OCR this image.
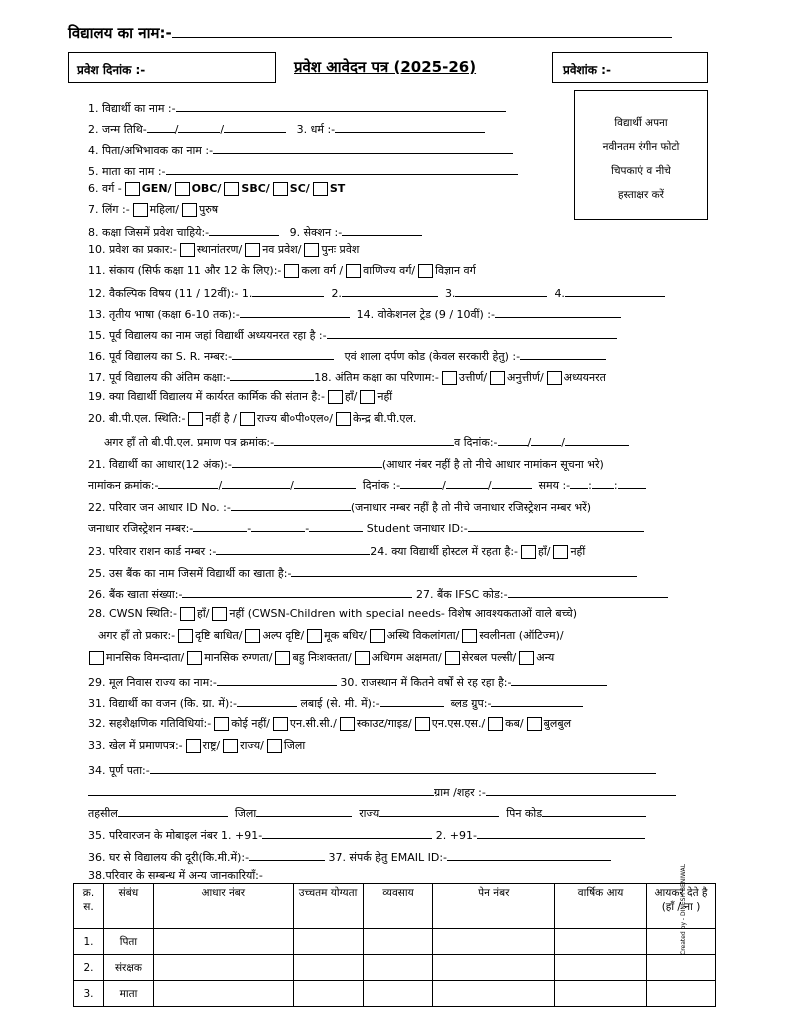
विद्यालय का नाम:-
प्रवेश दिनांक :-	प्रवेश आवेदन पत्र (2025-26)	प्रवेशांक :-
विद्यार्थी अपना
नवीनतम रंगीन फोटो
चिपकाएं व नीचे
हस्ताक्षर करें
1. विद्यार्थी का नाम :-
2. जन्म तिथि-	/	/	3. धर्म :-
4. पिता/अभिभावक का नाम :-
5. माता का नाम :-
6. वर्ग - GEN/ OBC/ SBC/ SC/ ST
7. लिंग :- महिला/ पुरुष
8. कक्षा जिसमें प्रवेश चाहिये:-	9. सेक्शन :-
10. प्रवेश का प्रकार:- स्थानांतरण/ नव प्रवेश/ पुनः प्रवेश
11. संकाय (सिर्फ कक्षा 11 और 12 के लिए):- कला वर्ग / वाणिज्य वर्ग/ विज्ञान वर्ग
12. वैकल्पिक विषय (11 / 12वीं):- 1.	2.	3.	4.
13. तृतीय भाषा (कक्षा 6-10 तक):-	14. वोकेशनल ट्रेड (9 / 10वीं) :-
15. पूर्व विद्यालय का नाम जहां विद्यार्थी अध्ययनरत रहा है :-
16. पूर्व विद्यालय का S. R. नम्बर:-	एवं शाला दर्पण कोड (केवल सरकारी हेतु) :-
17. पूर्व विद्यालय की अंतिम कक्षा:-	18. अंतिम कक्षा का परिणाम:- उत्तीर्ण/ अनुत्तीर्ण/ अध्ययनरत
19. क्या विद्यार्थी विद्यालय में कार्यरत कार्मिक की संतान है:- हाँ/ नहीं
20. बी.पी.एल. स्थिति:- नहीं है / राज्य बी०पी०एल०/ केन्द्र बी.पी.एल.
अगर हाँ तो बी.पी.एल. प्रमाण पत्र क्रमांक:-	व दिनांक:-	/	/
21. विद्यार्थी का आधार(12 अंक):-	(आधार नंबर नहीं है तो नीचे आधार नामांकन सूचना भरे)
नामांकन क्रमांक:-	/	/	दिनांक :-	/	/	समय :- : :
22. परिवार जन आधार ID No. :-	(जनाधार नम्बर नहीं है तो नीचे जनाधार रजिस्ट्रेशन नम्बर भरें)
जनाधार रजिस्ट्रेशन नम्बर:-	-	-	Student जनाधार ID:-
23. परिवार राशन कार्ड नम्बर :-	24. क्या विद्यार्थी होस्टल में रहता है:- हाँ/ नहीं
25. उस बैंक का नाम जिसमें विद्यार्थी का खाता है:-
26. बैंक खाता संख्या:-	27. बैंक IFSC कोड:-
28. CWSN स्थिति:- हाँ/ नहीं (CWSN-Children with special needs- विशेष आवश्यकताओं वाले बच्चे)
अगर हाँ तो प्रकार:- दृष्टि बाधित/ अल्प दृष्टि/ मूक बधिर/ अस्थि विकलांगता/ स्वलीनता (ऑटिज्म)/
मानसिक विमन्दाता/ मानसिक रुग्णता/ बहु निःशक्तता/ अधिगम अक्षमता/ सेरबल पल्सी/ अन्य
29. मूल निवास राज्य का नाम:-	30. राजस्थान में कितने वर्षों से रह रहा है:-
31. विद्यार्थी का वजन (कि. ग्रा. में):-	लबाई (से. मी. में):-	ब्लड ग्रुप:-
32. सहशैक्षणिक गतिविधियां:- कोई नहीं/ एन.सी.सी./ स्काउट/गाइड/ एन.एस.एस./ कब/ बुलबुल
33. खेल में प्रमाणपत्र:- राष्ट्र/ राज्य/ जिला
34. पूर्ण पता:-
ग्राम /शहर :-
तहसील	जिला	राज्य	पिन कोड
35. परिवारजन के मोबाइल नंबर 1. +91-	2. +91-
36. घर से विद्यालय की दूरी(कि.मी.में):-	37. संपर्क हेतु EMAIL ID:-
38.परिवार के सम्बन्ध में अन्य जानकारियाँ:-
क्र. स.	संबंध	आधार नंबर	उच्चतम योग्यता	व्यवसाय	पेन नंबर	वार्षिक आय	आयकर देते है (हाँ / ना )
1.	पिता						
2.	संरक्षक						
3.	माता						
Created by - DINESH BENIWAL
